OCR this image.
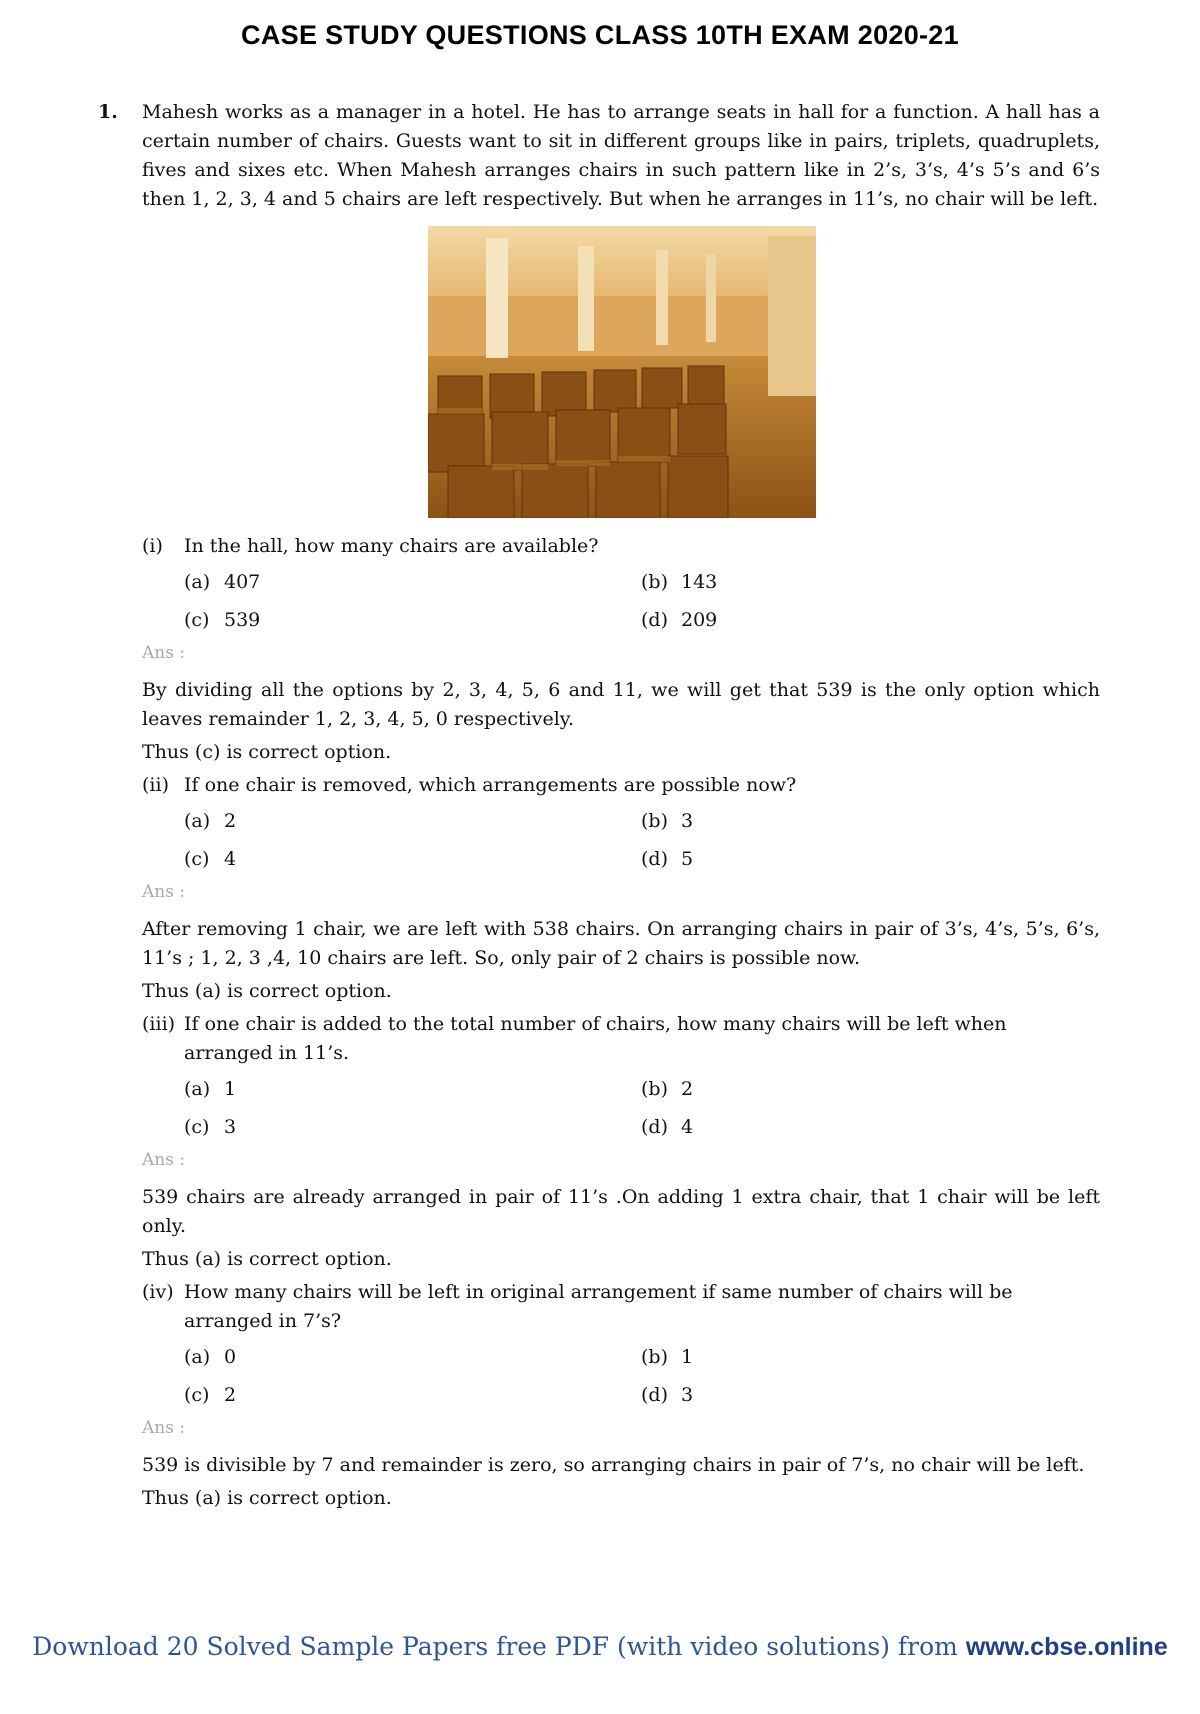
CASE STUDY QUESTIONS CLASS 10TH EXAM 2020-21
1. Mahesh works as a manager in a hotel. He has to arrange seats in hall for a function. A hall has a certain number of chairs. Guests want to sit in different groups like in pairs, triplets, quadruplets, fives and sixes etc. When Mahesh arranges chairs in such pattern like in 2’s, 3’s, 4’s 5’s and 6’s then 1, 2, 3, 4 and 5 chairs are left respectively. But when he arranges in 11’s, no chair will be left.
(i) In the hall, how many chairs are available?
(a) 407	(b) 143
(c) 539	(d) 209
Ans :
By dividing all the options by 2, 3, 4, 5, 6 and 11, we will get that 539 is the only option which leaves remainder 1, 2, 3, 4, 5, 0 respectively.
Thus (c) is correct option.
(ii) If one chair is removed, which arrangements are possible now?
(a) 2	(b) 3
(c) 4	(d) 5
Ans :
After removing 1 chair, we are left with 538 chairs. On arranging chairs in pair of 3’s, 4’s, 5’s, 6’s, 11’s ; 1, 2, 3 ,4, 10 chairs are left. So, only pair of 2 chairs is possible now.
Thus (a) is correct option.
(iii) If one chair is added to the total number of chairs, how many chairs will be left when arranged in 11’s.
(a) 1	(b) 2
(c) 3	(d) 4
Ans :
539 chairs are already arranged in pair of 11’s .On adding 1 extra chair, that 1 chair will be left only.
Thus (a) is correct option.
(iv) How many chairs will be left in original arrangement if same number of chairs will be arranged in 7’s?
(a) 0	(b) 1
(c) 2	(d) 3
Ans :
539 is divisible by 7 and remainder is zero, so arranging chairs in pair of 7’s, no chair will be left.
Thus (a) is correct option.
Download 20 Solved Sample Papers free PDF (with video solutions) from www.cbse.online
